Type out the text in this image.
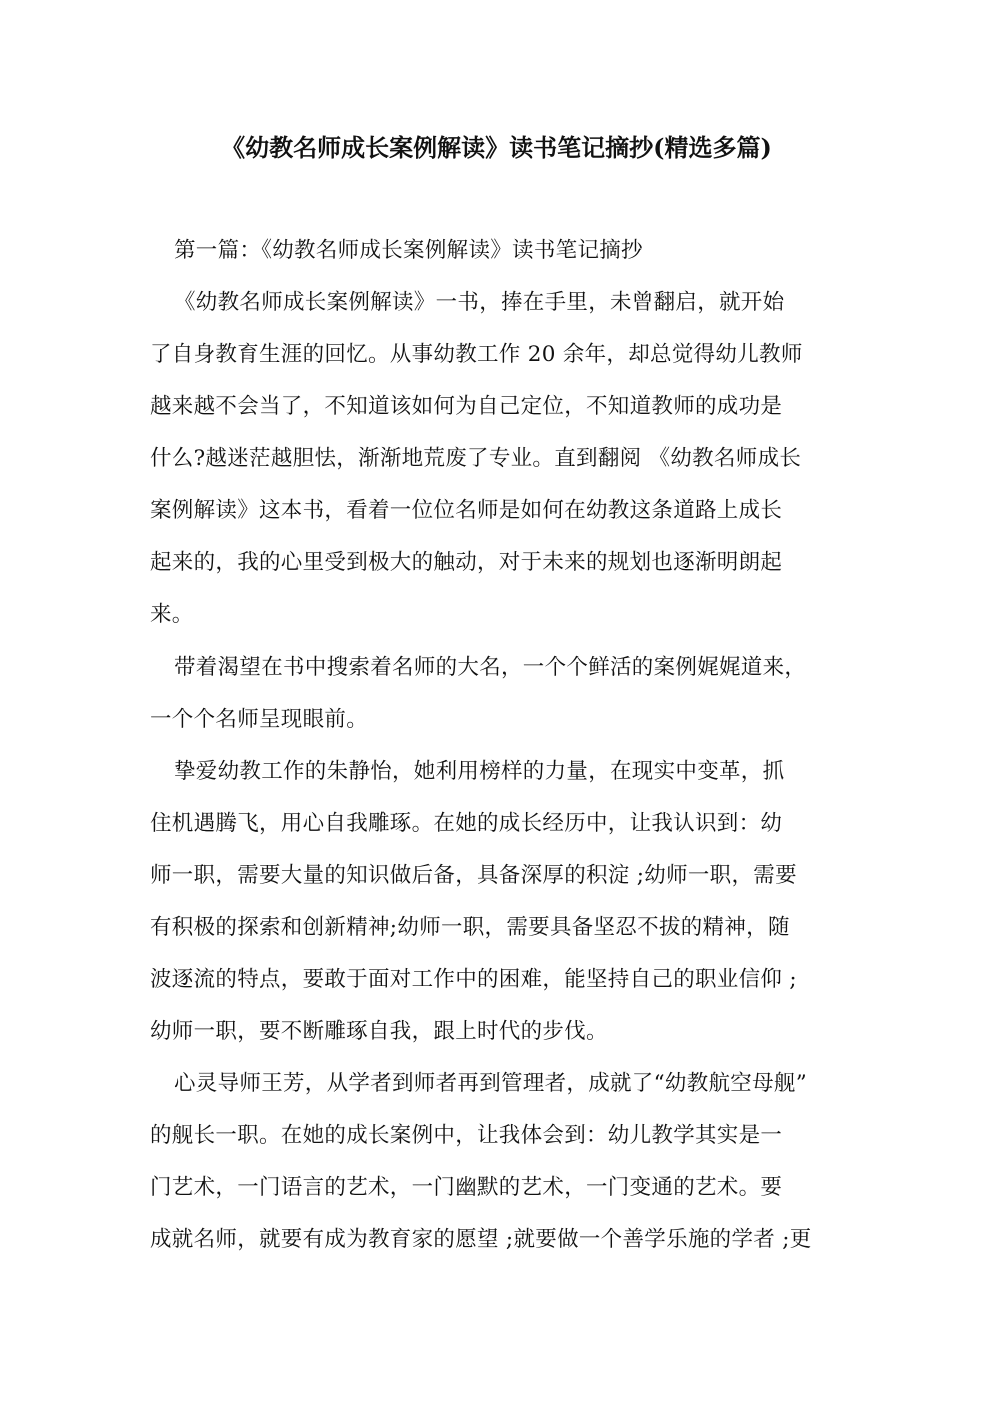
《幼教名师成长案例解读》读书笔记摘抄(精选多篇)
第一篇：《幼教名师成长案例解读》读书笔记摘抄
《幼教名师成长案例解读》一书，捧在手里，未曾翻启，就开始
了自身教育生涯的回忆。从事幼教工作 20 余年，却总觉得幼儿教师
越来越不会当了，不知道该如何为自己定位，不知道教师的成功是
什么?越迷茫越胆怯，渐渐地荒废了专业。直到翻阅 《幼教名师成长
案例解读》这本书，看着一位位名师是如何在幼教这条道路上成长
起来的，我的心里受到极大的触动，对于未来的规划也逐渐明朗起
来。
带着渴望在书中搜索着名师的大名，一个个鲜活的案例娓娓道来，
一个个名师呈现眼前。
挚爱幼教工作的朱静怡，她利用榜样的力量，在现实中变革，抓
住机遇腾飞，用心自我雕琢。在她的成长经历中，让我认识到：幼
师一职，需要大量的知识做后备，具备深厚的积淀 ;幼师一职，需要
有积极的探索和创新精神;幼师一职，需要具备坚忍不拔的精神，随
波逐流的特点，要敢于面对工作中的困难，能坚持自己的职业信仰 ;
幼师一职，要不断雕琢自我，跟上时代的步伐。
心灵导师王芳，从学者到师者再到管理者，成就了“幼教航空母舰”
的舰长一职。在她的成长案例中，让我体会到：幼儿教学其实是一
门艺术，一门语言的艺术，一门幽默的艺术，一门变通的艺术。要
成就名师，就要有成为教育家的愿望 ;就要做一个善学乐施的学者 ;更
